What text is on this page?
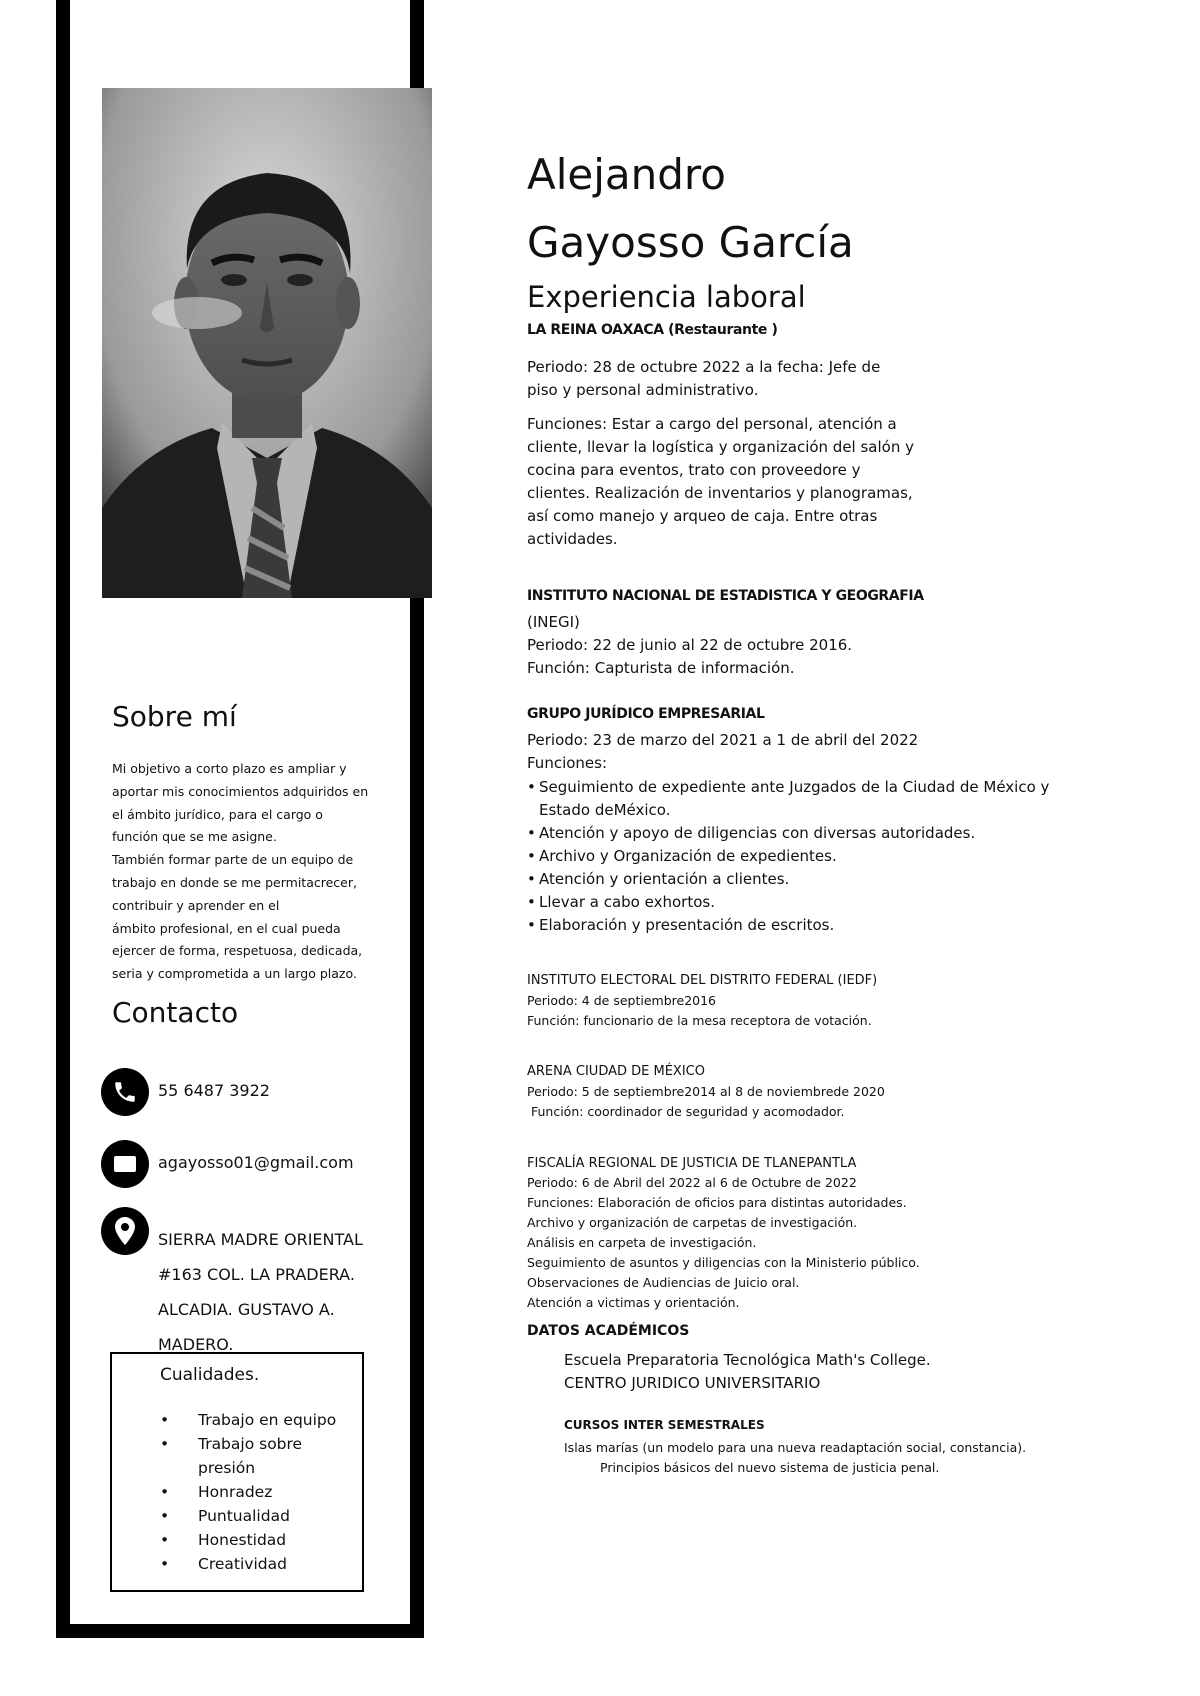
Sobre mí

Mi objetivo a corto plazo es ampliar y

aportar mis conocimientos adquiridos en

el ámbito jurídico, para el cargo o

función que se me asigne.

También formar parte de un equipo de

trabajo en donde se me permitacrecer,

contribuir y aprender en el

ámbito profesional, en el cual pueda

ejercer de forma, respetuosa, dedicada,

seria y comprometida a un largo plazo.

Contacto
55 6487 3922
agayosso01@gmail.com
SIERRA MADRE ORIENTAL
#163 COL. LA PRADERA.
ALCADIA. GUSTAVO A.
MADERO.
Cualidades.
• Trabajo en equipo
• Trabajo sobre presión
• Honradez
• Puntualidad
• Honestidad
• Creatividad
Alejandro
Gayosso García
Experiencia laboral
LA REINA OAXACA (Restaurante )
Periodo: 28 de octubre 2022 a la fecha: Jefe de piso y personal administrativo.
Funciones: Estar a cargo del personal, atención a cliente, llevar la logística y organización del salón y cocina para eventos, trato con proveedore y clientes. Realización de inventarios y planogramas, así como manejo y arqueo de caja. Entre otras actividades.
INSTITUTO NACIONAL DE ESTADISTICA Y GEOGRAFIA
(INEGI)
Periodo: 22 de junio al 22 de octubre 2016.
Función: Capturista de información.
GRUPO JURÍDICO EMPRESARIAL
Periodo: 23 de marzo del 2021 a 1 de abril del 2022
Funciones:
• Seguimiento de expediente ante Juzgados de la Ciudad de México y Estado deMéxico.
• Atención y apoyo de diligencias con diversas autoridades.
• Archivo y Organización de expedientes.
• Atención y orientación a clientes.
• Llevar a cabo exhortos.
• Elaboración y presentación de escritos.
INSTITUTO ELECTORAL DEL DISTRITO FEDERAL (IEDF)
Periodo: 4 de septiembre2016
Función: funcionario de la mesa receptora de votación.
ARENA CIUDAD DE MÉXICO
Periodo: 5 de septiembre2014 al 8 de noviembrede 2020
Función: coordinador de seguridad y acomodador.
FISCALÍA REGIONAL DE JUSTICIA DE TLANEPANTLA
Periodo: 6 de Abril del 2022 al 6 de Octubre de 2022
Funciones: Elaboración de oficios para distintas autoridades.
Archivo y organización de carpetas de investigación.
Análisis en carpeta de investigación.
Seguimiento de asuntos y diligencias con la Ministerio público.
Observaciones de Audiencias de Juicio oral.
Atención a victimas y orientación.
DATOS ACADÉMICOS
Escuela Preparatoria Tecnológica Math's College.
CENTRO JURIDICO UNIVERSITARIO
CURSOS INTER SEMESTRALES
Islas marías (un modelo para una nueva readaptación social, constancia).
Principios básicos del nuevo sistema de justicia penal.
